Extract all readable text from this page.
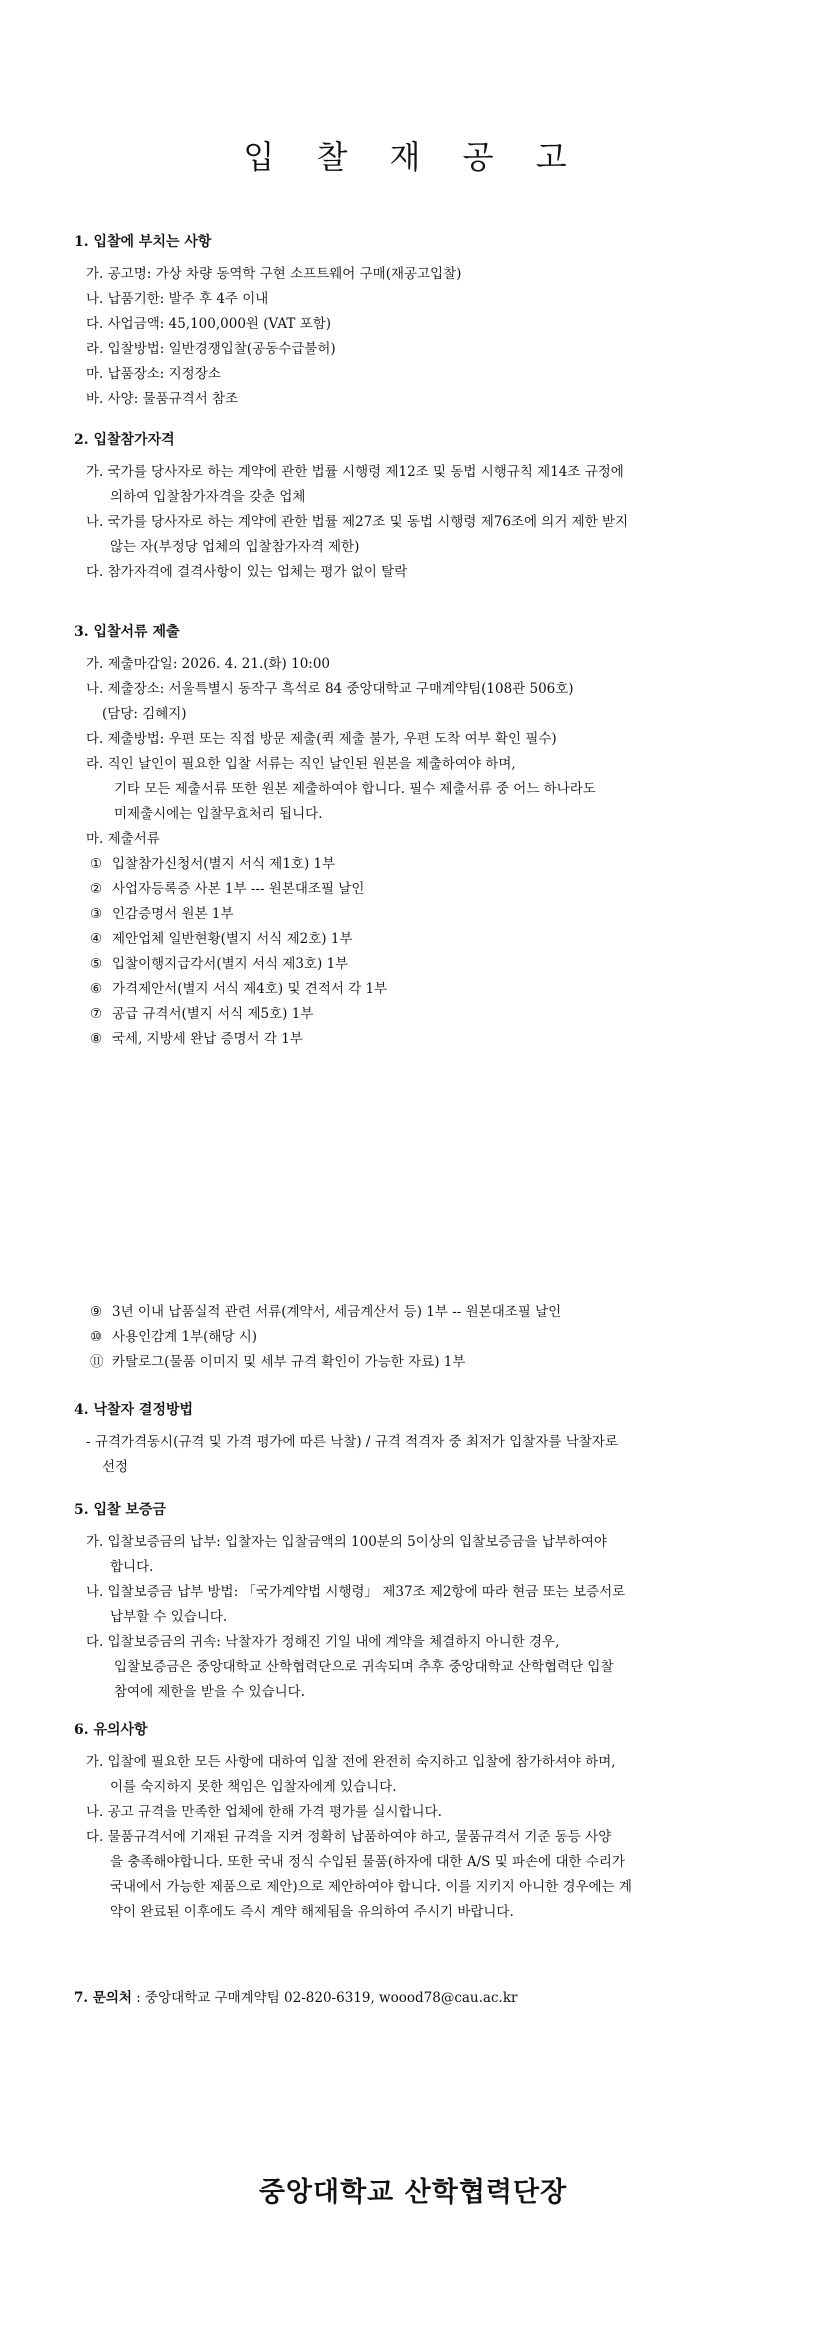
입 찰 재 공 고
1. 입찰에 부치는 사항
가. 공고명: 가상 차량 동역학 구현 소프트웨어 구매(재공고입찰)
나. 납품기한: 발주 후 4주 이내
다. 사업금액: 45,100,000원 (VAT 포함)
라. 입찰방법: 일반경쟁입찰(공동수급불허)
마. 납품장소: 지정장소
바. 사양: 물품규격서 참조
2. 입찰참가자격
가. 국가를 당사자로 하는 계약에 관한 법률 시행령 제12조 및 동법 시행규칙 제14조 규정에
의하여 입찰참가자격을 갖춘 업체
나. 국가를 당사자로 하는 계약에 관한 법률 제27조 및 동법 시행령 제76조에 의거 제한 받지
않는 자(부정당 업체의 입찰참가자격 제한)
다. 참가자격에 결격사항이 있는 업체는 평가 없이 탈락
3. 입찰서류 제출
가. 제출마감일: 2026. 4. 21.(화) 10:00
나. 제출장소: 서울특별시 동작구 흑석로 84 중앙대학교 구매계약팀(108관 506호)
(담당: 김혜지)
다. 제출방법: 우편 또는 직접 방문 제출(퀵 제출 불가, 우편 도착 여부 확인 필수)
라. 직인 날인이 필요한 입찰 서류는 직인 날인된 원본을 제출하여야 하며,
기타 모든 제출서류 또한 원본 제출하여야 합니다. 필수 제출서류 중 어느 하나라도
미제출시에는 입찰무효처리 됩니다.
마. 제출서류
① 입찰참가신청서(별지 서식 제1호) 1부
② 사업자등록증 사본 1부 --- 원본대조필 날인
③ 인감증명서 원본 1부
④ 제안업체 일반현황(별지 서식 제2호) 1부
⑤ 입찰이행지급각서(별지 서식 제3호) 1부
⑥ 가격제안서(별지 서식 제4호) 및 견적서 각 1부
⑦ 공급 규격서(별지 서식 제5호) 1부
⑧ 국세, 지방세 완납 증명서 각 1부
⑨ 3년 이내 납품실적 관련 서류(계약서, 세금계산서 등) 1부 -- 원본대조필 날인
⑩ 사용인감계 1부(해당 시)
⑪ 카탈로그(물품 이미지 및 세부 규격 확인이 가능한 자료) 1부
4. 낙찰자 결정방법
- 규격가격동시(규격 및 가격 평가에 따른 낙찰) / 규격 적격자 중 최저가 입찰자를 낙찰자로
선정
5. 입찰 보증금
가. 입찰보증금의 납부: 입찰자는 입찰금액의 100분의 5이상의 입찰보증금을 납부하여야
합니다.
나. 입찰보증금 납부 방법: 「국가계약법 시행령」 제37조 제2항에 따라 현금 또는 보증서로
납부할 수 있습니다.
다. 입찰보증금의 귀속: 낙찰자가 정해진 기일 내에 계약을 체결하지 아니한 경우,
입찰보증금은 중앙대학교 산학협력단으로 귀속되며 추후 중앙대학교 산학협력단 입찰
참여에 제한을 받을 수 있습니다.
6. 유의사항
가. 입찰에 필요한 모든 사항에 대하여 입찰 전에 완전히 숙지하고 입찰에 참가하셔야 하며,
이를 숙지하지 못한 책임은 입찰자에게 있습니다.
나. 공고 규격을 만족한 업체에 한해 가격 평가를 실시합니다.
다. 물품규격서에 기재된 규격을 지켜 정확히 납품하여야 하고, 물품규격서 기준 동등 사양
을 충족해야합니다. 또한 국내 정식 수입된 물품(하자에 대한 A/S 및 파손에 대한 수리가
국내에서 가능한 제품으로 제안)으로 제안하여야 합니다. 이를 지키지 아니한 경우에는 계
약이 완료된 이후에도 즉시 계약 해제됨을 유의하여 주시기 바랍니다.
7. 문의처 : 중앙대학교 구매계약팀 02-820-6319, woood78@cau.ac.kr
중앙대학교 산학협력단장
